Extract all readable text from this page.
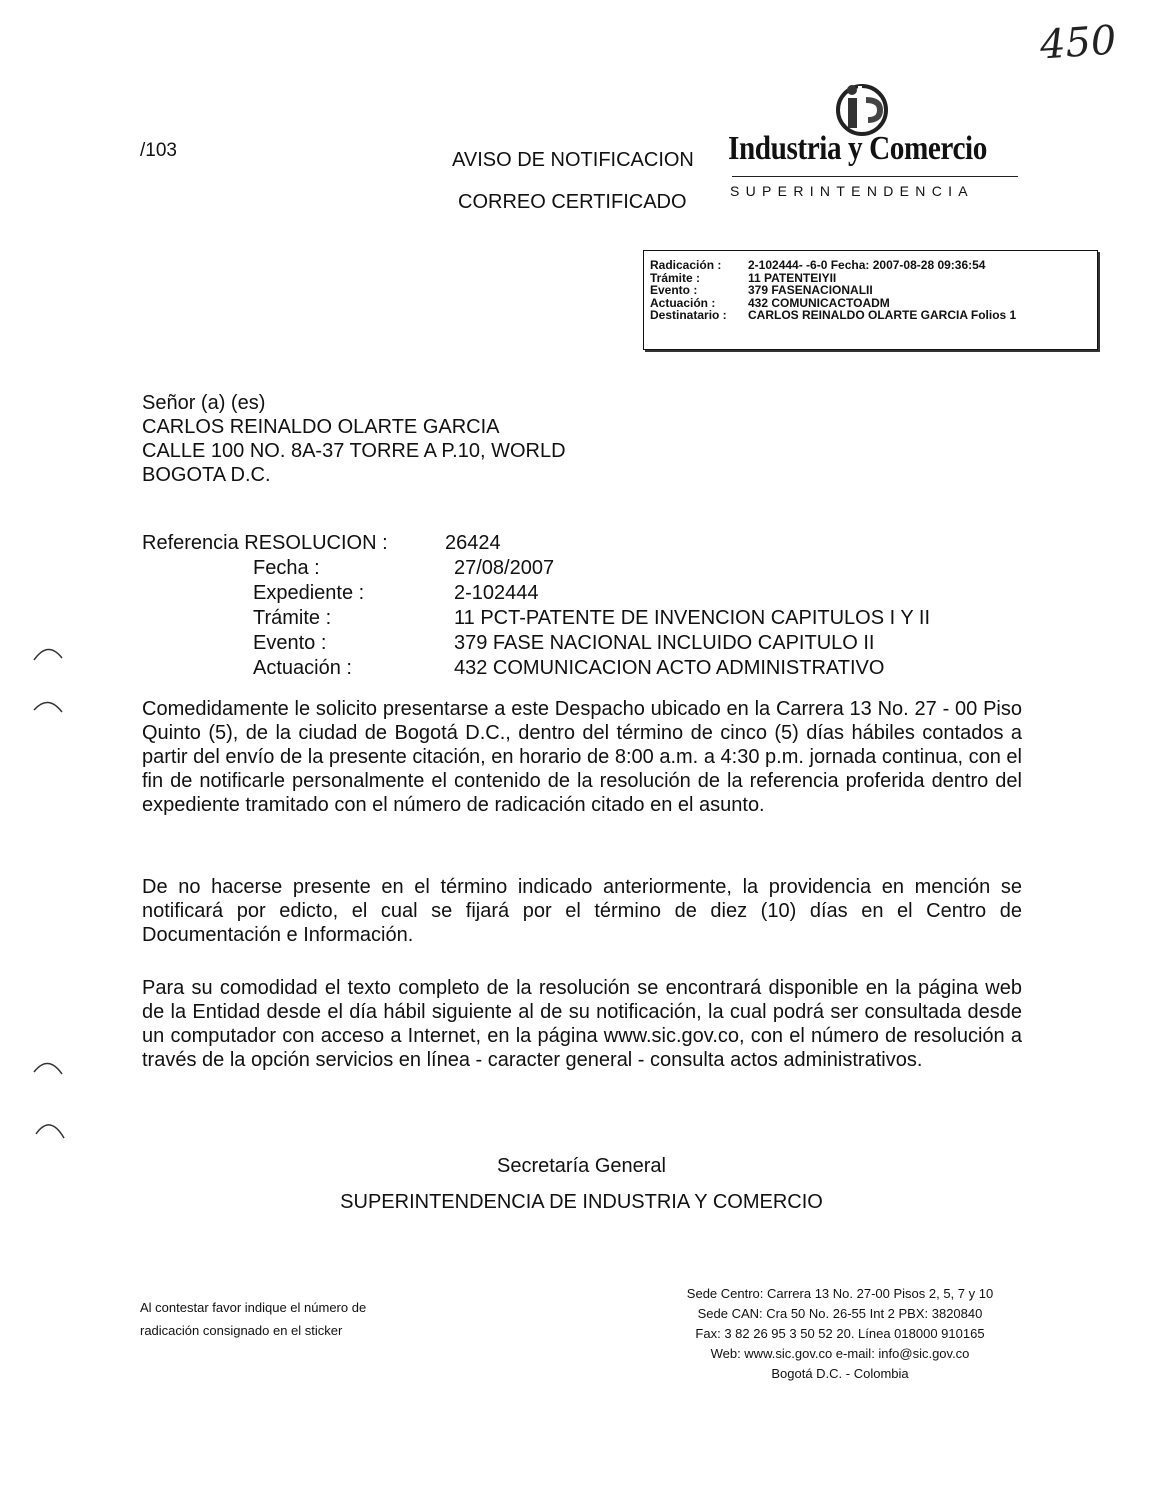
450
/103	AVISO DE NOTIFICACION
CORREO CERTIFICADO
Industria y Comercio
SUPERINTENDENCIA
Radicación :	2-102444- -6-0 Fecha: 2007-08-28 09:36:54
Trámite :	11 PATENTEIYII
Evento :	379 FASENACIONALII
Actuación :	432 COMUNICACTOADM
Destinatario :	CARLOS REINALDO OLARTE GARCIA Folios 1
Señor (a) (es)
CARLOS REINALDO OLARTE GARCIA
CALLE 100 NO. 8A-37 TORRE A P.10, WORLD
BOGOTA D.C.
Referencia RESOLUCION :	26424
Fecha :	27/08/2007
Expediente :	2-102444
Trámite :	11 PCT-PATENTE DE INVENCION CAPITULOS I Y II
Evento :	379 FASE NACIONAL INCLUIDO CAPITULO II
Actuación :	432 COMUNICACION ACTO ADMINISTRATIVO
Comedidamente le solicito presentarse a este Despacho ubicado en la Carrera 13 No. 27 - 00 Piso Quinto (5), de la ciudad de Bogotá D.C., dentro del término de cinco (5) días hábiles contados a partir del envío de la presente citación, en horario de 8:00 a.m. a 4:30 p.m. jornada continua, con el fin de notificarle personalmente el contenido de la resolución de la referencia proferida dentro del expediente tramitado con el número de radicación citado en el asunto.
De no hacerse presente en el término indicado anteriormente, la providencia en mención se notificará por edicto, el cual se fijará por el término de diez (10) días en el Centro de Documentación e Información.
Para su comodidad el texto completo de la resolución se encontrará disponible en la página web de la Entidad desde el día hábil siguiente al de su notificación, la cual podrá ser consultada desde un computador con acceso a Internet, en la página www.sic.gov.co, con el número de resolución a través de la opción servicios en línea - caracter general - consulta actos administrativos.
Secretaría General
SUPERINTENDENCIA DE INDUSTRIA Y COMERCIO
Al contestar favor indique el número de
radicación consignado en el sticker
Sede Centro: Carrera 13 No. 27-00 Pisos 2, 5, 7 y 10
Sede CAN: Cra 50 No. 26-55 Int 2 PBX: 3820840
Fax: 3 82 26 95 3 50 52 20. Línea 018000 910165
Web: www.sic.gov.co e-mail: info@sic.gov.co
Bogotá D.C. - Colombia
